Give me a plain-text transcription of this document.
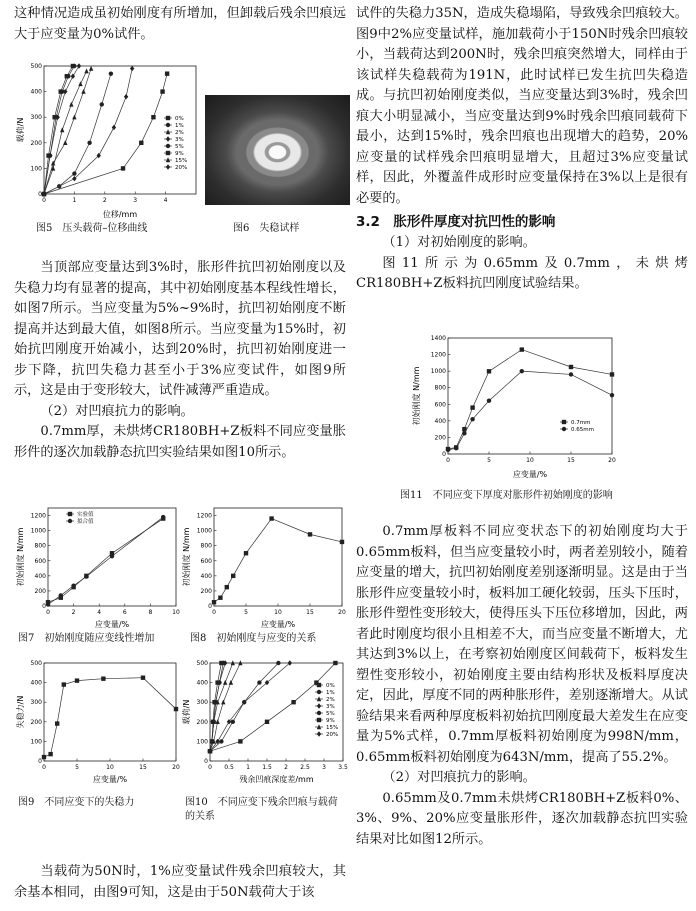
这种情况造成虽初始刚度有所增加，但卸载后残余凹痕远大于应变量为0%试件。

0	1	2	3	4
0
100
200
300
400
500
位移/mm
载荷/N	0%
1%
2%
3%
5%
9%
15%
20%
图5　压头载荷–位移曲线	图6　失稳试样

当顶部应变量达到3%时，胀形件抗凹初始刚度以及失稳力均有显著的提高，其中初始刚度基本程线性增长，如图7所示。当应变量为5%~9%时，抗凹初始刚度不断提高并达到最大值，如图8所示。当应变量为15%时，初始抗凹刚度开始减小，达到20%时，抗凹初始刚度进一步下降，抗凹失稳力甚至小于3%应变试件，如图9所示，这是由于变形较大，试件减薄严重造成。

（2）对凹痕抗力的影响。

0.7mm厚，未烘烤CR180BH+Z板料不同应变量胀形件的逐次加载静态抗凹实验结果如图10所示。

0	2	4	6	8	10
0
200
400
600
800
1000
1200
应变量/%
初始刚度 N/mm
实验值
拟合值
0	5	10	15	20
0
200
400
600
800
1000
1200
应变量/%
初始刚度 N/mm
图7　初始刚度随应变线性增加	图8　初始刚度与应变的关系
0	5	10	15	20
0
100
200
300
400
500
应变量/%
失稳力/N
0 0.5 1 1.5 2 2.5 3 3.5
0
100
200
300
400
500
残余凹痕深度差/mm
载荷/N
0%
1%
2%
3%
5%
9%
15%
20%
图9　不同应变下的失稳力	图10　不同应变下残余凹痕与载荷的关系

当载荷为50N时，1%应变量试件残余凹痕较大，其余基本相同，由图9可知，这是由于50N载荷大于该

试件的失稳力35N，造成失稳塌陷，导致残余凹痕较大。图9中2%应变量试样，施加载荷小于150N时残余凹痕较小，当载荷达到200N时，残余凹痕突然增大，同样由于该试样失稳载荷为191N，此时试样已发生抗凹失稳造成。与抗凹初始刚度类似，当应变量达到3%时，残余凹痕大小明显减小，当应变量达到9%时残余凹痕同载荷下最小，达到15%时，残余凹痕也出现增大的趋势，20%应变量的试样残余凹痕明显增大，且超过3%应变量试样，因此，外覆盖件成形时应变量保持在3%以上是很有必要的。

3.2　胀形件厚度对抗凹性的影响

（1）对初始刚度的影响。

图11所示为0.65mm及0.7mm，未烘烤CR180BH+Z板料抗凹刚度试验结果。

0	5	10	15	20
0
200
400
600
800
1000
1200
1400
应变量/%
初始刚度 N/mm	0.7mm
0.65mm
图11　不同应变下厚度对胀形件初始刚度的影响

0.7mm厚板料不同应变状态下的初始刚度均大于0.65mm板料，但当应变量较小时，两者差别较小，随着应变量的增大，抗凹初始刚度差别逐渐明显。这是由于当胀形件应变量较小时，板料加工硬化较弱，压头下压时，胀形件塑性变形较大，使得压头下压位移增加，因此，两者此时刚度均很小且相差不大，而当应变量不断增大，尤其达到3%以上，在考察初始刚度区间载荷下，板料发生塑性变形较小，初始刚度主要由结构形状及板料厚度决定，因此，厚度不同的两种胀形件，差别逐渐增大。从试验结果来看两种厚度板料初始抗凹刚度最大差发生在应变量为5%式样，0.7mm厚板料初始刚度为998N/mm，0.65mm板料初始刚度为643N/mm，提高了55.2%。

（2）对凹痕抗力的影响。

0.65mm及0.7mm未烘烤CR180BH+Z板料0%、3%、9%、20%应变量胀形件，逐次加载静态抗凹实验结果对比如图12所示。
